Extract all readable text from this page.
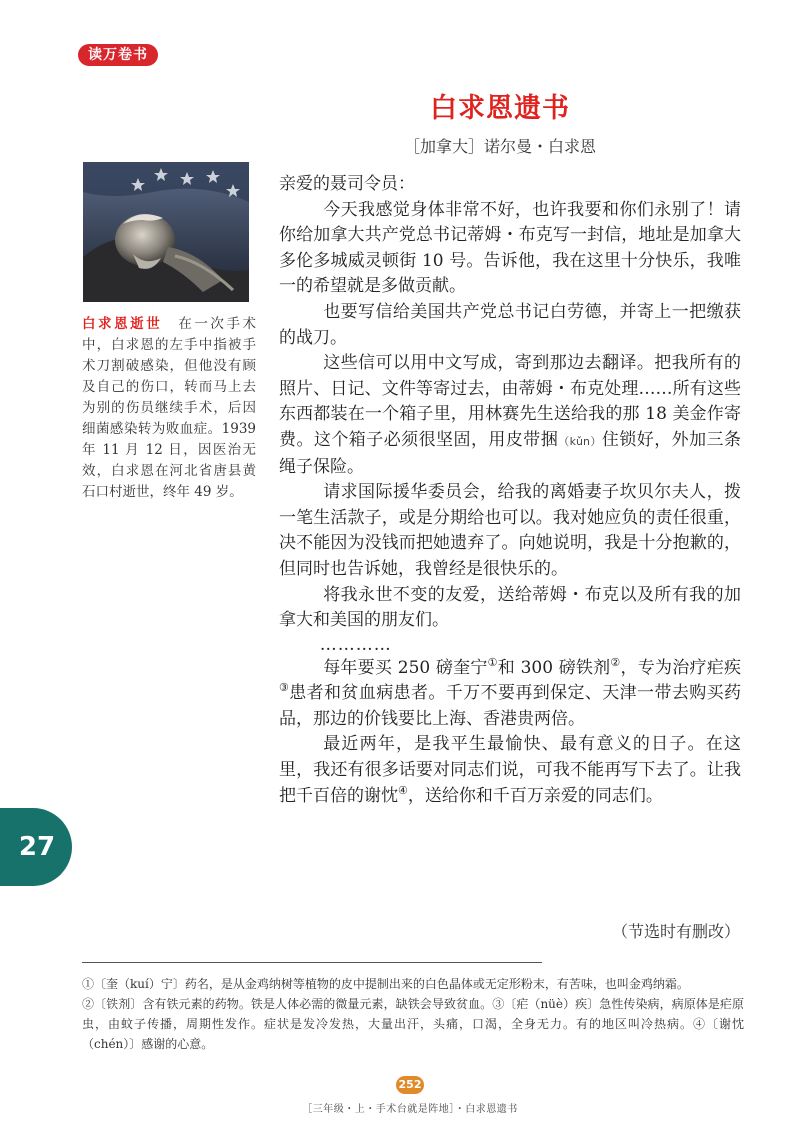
读万卷书
白求恩遗书
［加拿大］诺尔曼・白求恩

白求恩逝世　 在一次手术中，白求恩的左手中指被手术刀割破感染，但他没有顾及自己的伤口，转而马上去为别的伤员继续手术，后因细菌感染转为败血症。1939 年 11 月 12 日，因医治无效，白求恩在河北省唐县黄石口村逝世，终年 49 岁。

亲爱的聂司令员：

今天我感觉身体非常不好，也许我要和你们永别了！请你给加拿大共产党总书记蒂姆・布克写一封信，地址是加拿大多伦多城威灵顿街 10 号。告诉他，我在这里十分快乐，我唯一的希望就是多做贡献。

也要写信给美国共产党总书记白劳德，并寄上一把缴获的战刀。

这些信可以用中文写成，寄到那边去翻译。把我所有的照片、日记、文件等寄过去，由蒂姆・布克处理……所有这些东西都装在一个箱子里，用林赛先生送给我的那 18 美金作寄费。这个箱子必须很坚固，用皮带捆（kǔn）住锁好，外加三条绳子保险。

请求国际援华委员会，给我的离婚妻子坎贝尔夫人，拨一笔生活款子，或是分期给也可以。我对她应负的责任很重，决不能因为没钱而把她遗弃了。向她说明，我是十分抱歉的，但同时也告诉她，我曾经是很快乐的。

将我永世不变的友爱，送给蒂姆・布克以及所有我的加拿大和美国的朋友们。

…………

每年要买 250 磅奎宁①和 300 磅铁剂②，专为治疗疟疾③患者和贫血病患者。千万不要再到保定、天津一带去购买药品，那边的价钱要比上海、香港贵两倍。

最近两年，是我平生最愉快、最有意义的日子。在这里，我还有很多话要对同志们说，可我不能再写下去了。让我把千百倍的谢忱④，送给你和千百万亲爱的同志们。

（节选时有删改）
27

①〔奎（kuí）宁〕药名，是从金鸡纳树等植物的皮中提制出来的白色晶体或无定形粉末，有苦味，也叫金鸡纳霜。

②〔铁剂〕含有铁元素的药物。铁是人体必需的微量元素，缺铁会导致贫血。③〔疟（nüè）疾〕急性传染病，病原体是疟原虫，由蚊子传播，周期性发作。症状是发冷发热，大量出汗，头痛，口渴，全身无力。有的地区叫冷热病。④〔谢忱（chén）〕感谢的心意。

252
［三年级・上・手术台就是阵地］・白求恩遗书
